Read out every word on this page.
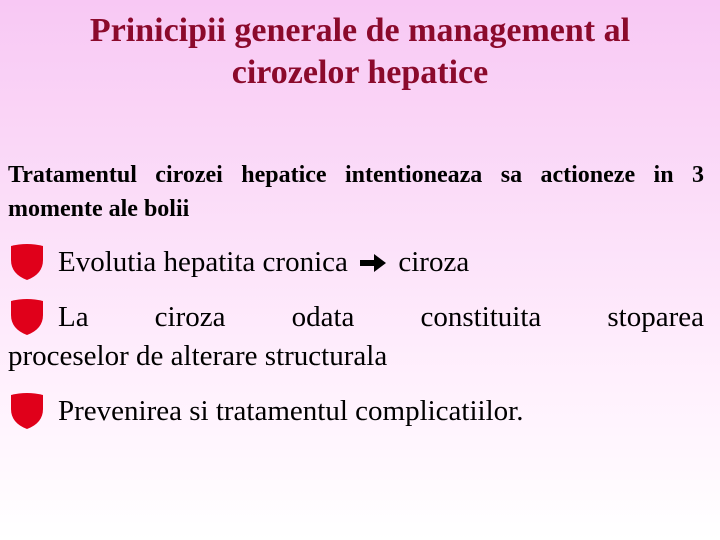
Prinicipii generale de management al
cirozelor hepatice
Tratamentul cirozei hepatice intentioneaza sa actioneze in 3 momente ale bolii
Evolutia hepatita cronica ciroza
La ciroza odata constituita stoparea
proceselor de alterare structurala
Prevenirea si tratamentul complicatiilor.
